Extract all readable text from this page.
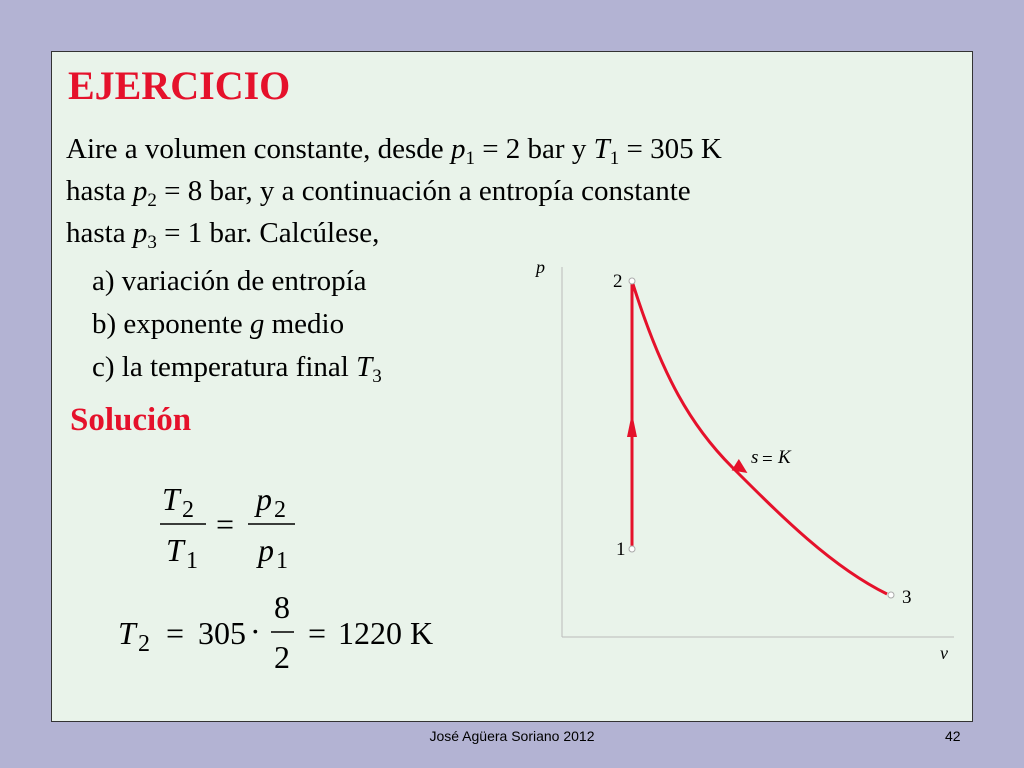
EJERCICIO
Aire a volumen constante, desde $p_1 = 2$ bar y $T_1 = 305$ K
hasta $p_2 = 8$ bar, y a continuación a entropía constante
hasta $p_3 = 1$ bar. Calcúlese,
a) variación de entropía
b) exponente g medio
c) la temperatura final $T_3$
Solución
T 2
T 1
=
p 2
p 1
T 2 = 305 ·
8
2
= 1220 K
p
v
1
2
3
s = K
José Agüera Soriano 2012	42
